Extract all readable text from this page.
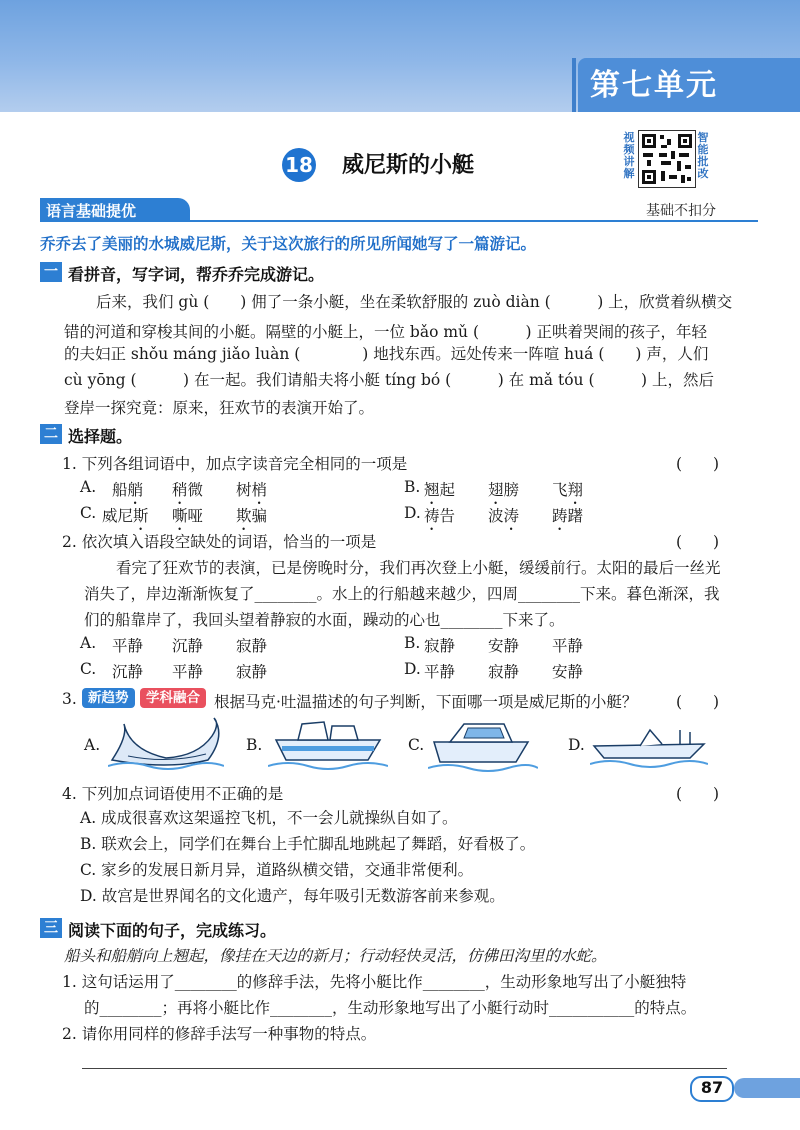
第七单元
18 威尼斯的小艇
视频讲解
智能批改
语言基础提优	基础不扣分
乔乔去了美丽的水城威尼斯，关于这次旅行的所见所闻她写了一篇游记。
一 看拼音，写字词，帮乔乔完成游记。
后来，我们 gù (　　) 佣了一条小艇，坐在柔软舒服的 zuò diàn (　　　) 上，欣赏着纵横交
错的河道和穿梭其间的小艇。隔壁的小艇上，一位 bǎo mǔ (　　　) 正哄着哭闹的孩子，年轻
的夫妇正 shǒu máng jiǎo luàn (　　　　) 地找东西。远处传来一阵喧 huá (　　) 声，人们
cù yōng (　　　) 在一起。我们请船夫将小艇 tíng bó (　　　) 在 mǎ tóu (　　　) 上，然后
登岸一探究竟：原来，狂欢节的表演开始了。
二 选择题。
1. 下列各组词语中，加点字读音完全相同的一项是	(　　)
A. 船艄 稍微 树梢	B. 翘起 翅膀 飞翔
C. 威尼斯 嘶哑 欺骗	D. 祷告 波涛 踌躇
2. 依次填入语段空缺处的词语，恰当的一项是	(　　)
看完了狂欢节的表演，已是傍晚时分，我们再次登上小艇，缓缓前行。太阳的最后一丝光
消失了，岸边渐渐恢复了________。水上的行船越来越少，四周________下来。暮色渐深，我
们的船靠岸了，我回头望着静寂的水面，躁动的心也________下来了。
A. 平静 沉静 寂静	B. 寂静 安静 平静
C. 沉静 平静 寂静	D. 平静 寂静 安静
3. 新趋势	学科融合 根据马克·吐温描述的句子判断，下面哪一项是威尼斯的小艇？ (　　)
A.	B.	C.	D.
4. 下列加点词语使用不正确的是	(　　)
A. 成成很喜欢这架遥控飞机，不一会儿就操纵自如了。
B. 联欢会上，同学们在舞台上手忙脚乱地跳起了舞蹈，好看极了。
C. 家乡的发展日新月异，道路纵横交错，交通非常便利。
D. 故宫是世界闻名的文化遗产，每年吸引无数游客前来参观。
三 阅读下面的句子，完成练习。
船头和船艄向上翘起，像挂在天边的新月；行动轻快灵活，仿佛田沟里的水蛇。
1. 这句话运用了________的修辞手法，先将小艇比作________，生动形象地写出了小艇独特
的________；再将小艇比作________，生动形象地写出了小艇行动时___________的特点。
2. 请你用同样的修辞手法写一种事物的特点。
87
